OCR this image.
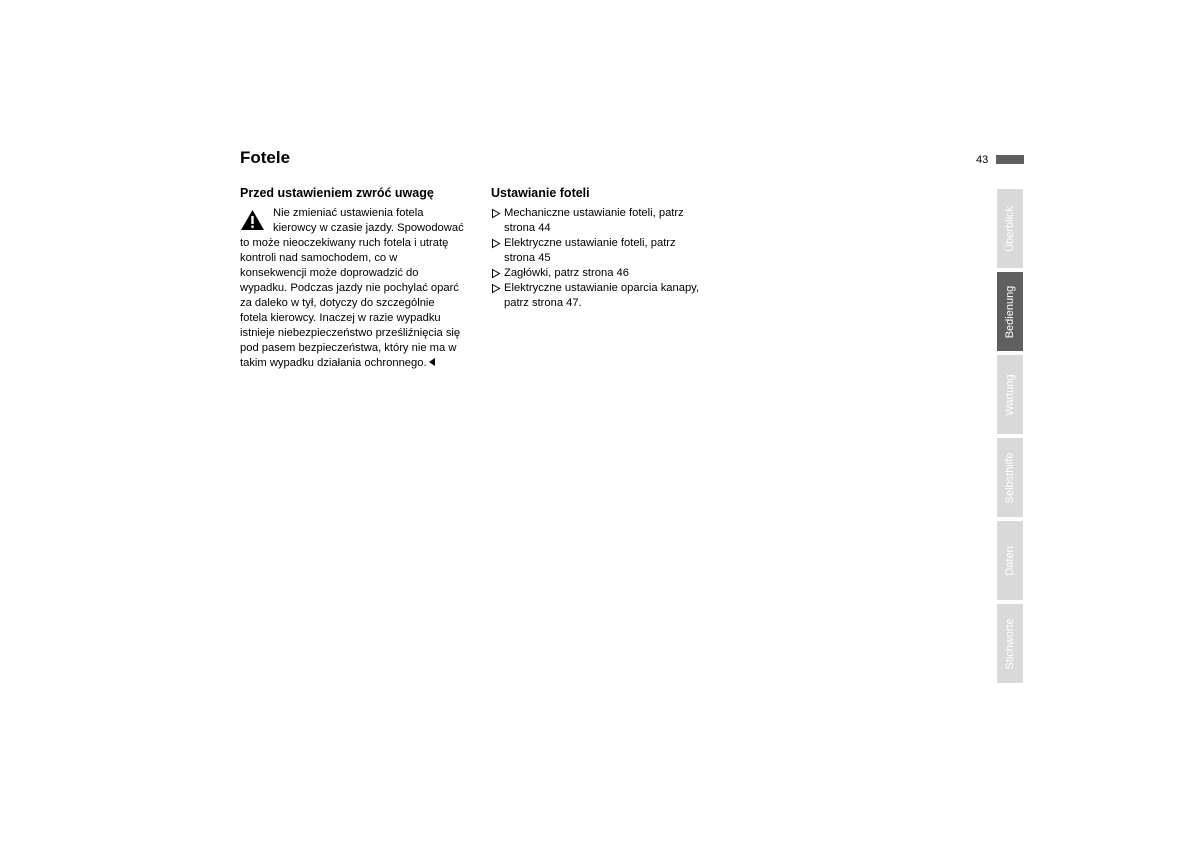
Fotele	43
Przed ustawieniem zwróć uwagę
Nie zmieniać ustawienia fotela
kierowcy w czasie jazdy. Spowodować
to może nieoczekiwany ruch fotela i utratę
kontroli nad samochodem, co w
konsekwencji może doprowadzić do
wypadku. Podczas jazdy nie pochylać oparć
za daleko w tył, dotyczy do szczególnie
fotela kierowcy. Inaczej w razie wypadku
istnieje niebezpieczeństwo prześliźnięcia się
pod pasem bezpieczeństwa, który nie ma w
takim wypadku działania ochronnego.
Ustawianie foteli
Mechaniczne ustawianie foteli, patrz
strona 44
Elektryczne ustawianie foteli, patrz
strona 45
Zagłówki, patrz strona 46
Elektryczne ustawianie oparcia kanapy,
patrz strona 47.
Überblick
Bedienung
Wartung
Selbsthilfe
Daten
Stichworte
